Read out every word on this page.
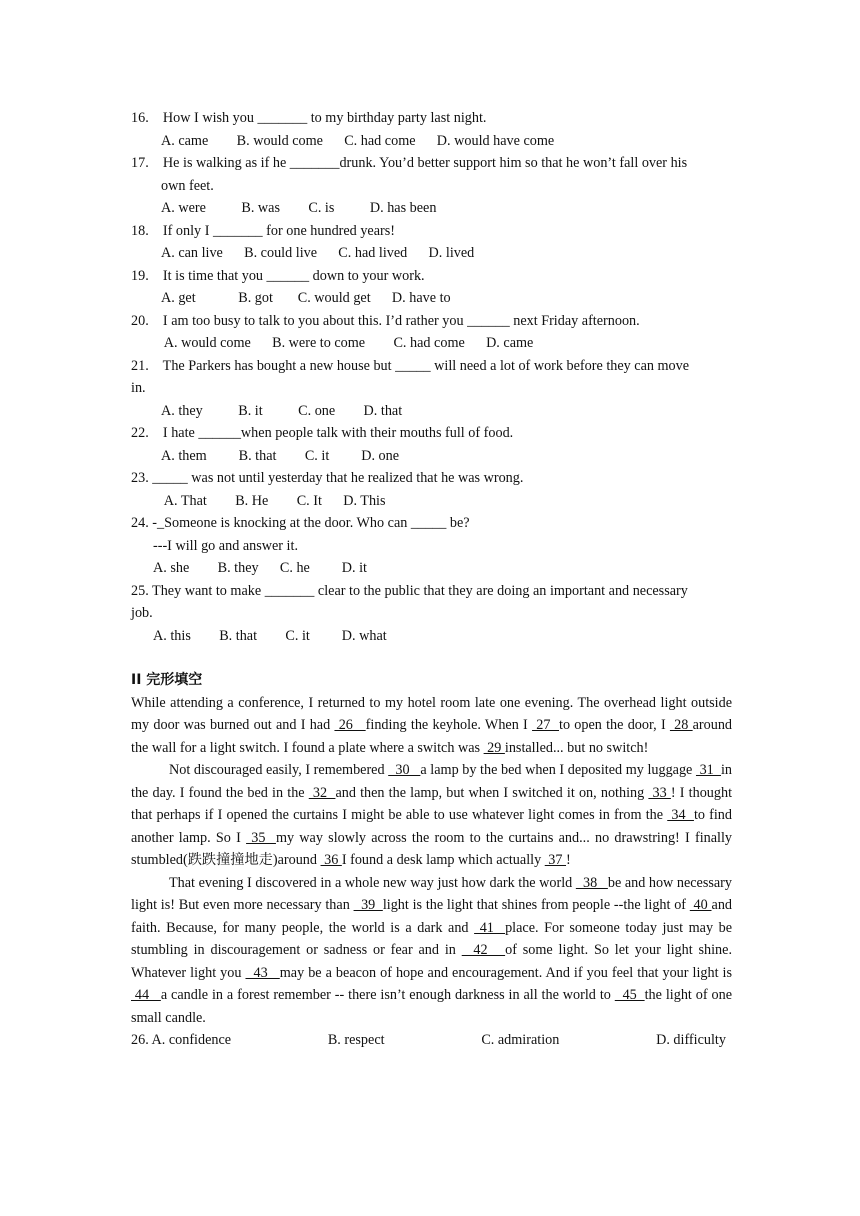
16. How I wish you _______ to my birthday party last night.
A. came        B. would come      C. had come      D. would have come
17. He is walking as if he _______drunk. You’d better support him so that he won’t fall over his
own feet.
A. were          B. was        C. is          D. has been
18. If only I _______ for one hundred years!
A. can live      B. could live      C. had lived      D. lived
19. It is time that you ______ down to your work.
A. get            B. got       C. would get      D. have to
20. I am too busy to talk to you about this. I’d rather you ______ next Friday afternoon.
A. would come      B. were to come        C. had come      D. came
21. The Parkers has bought a new house but _____ will need a lot of work before they can move
in.
A. they          B. it          C. one        D. that
22. I hate ______when people talk with their mouths full of food.
A. them         B. that        C. it         D. one
23. _____ was not until yesterday that he realized that he was wrong.
A. That        B. He        C. It      D. This
24. -_Someone is knocking at the door. Who can _____ be?
---I will go and answer it.
A. she        B. they      C. he         D. it
25. They want to make _______ clear to the public that they are doing an important and necessary
job.
A. this        B. that        C. it         D. what
II 完形填空
While attending a conference, I returned to my hotel room late one evening. The overhead light outside my door was burned out and I had  26   finding the keyhole. When I  27  to open the door, I  28 around the wall for a light switch. I found a plate where a switch was  29 installed... but no switch!
Not discouraged easily, I remembered   30   a lamp by the bed when I deposited my luggage  31  in the day. I found the bed in the  32  and then the lamp, but when I switched it on, nothing  33 ! I thought that perhaps if I opened the curtains I might be able to use whatever light comes in from the  34  to find another lamp. So I  35  my way slowly across the room to the curtains and... no drawstring! I finally stumbled(跌跌撞撞地走)around  36 I found a desk lamp which actually  37 !
That evening I discovered in a whole new way just how dark the world   38   be and how necessary light is! But even more necessary than   39  light is the light that shines from people --the light of  40 and faith. Because, for many people, the world is a dark and  41  place. For someone today just may be stumbling in discouragement or sadness or fear and in   42   of some light. So let your light shine. Whatever light you   43   may be a beacon of hope and encouragement. And if you feel that your light is  44   a candle in a forest remember -- there isn’t enough darkness in all the world to   45  the light of one small candle.
26. A. confidence	B. respect	C. admiration	D. difficulty
